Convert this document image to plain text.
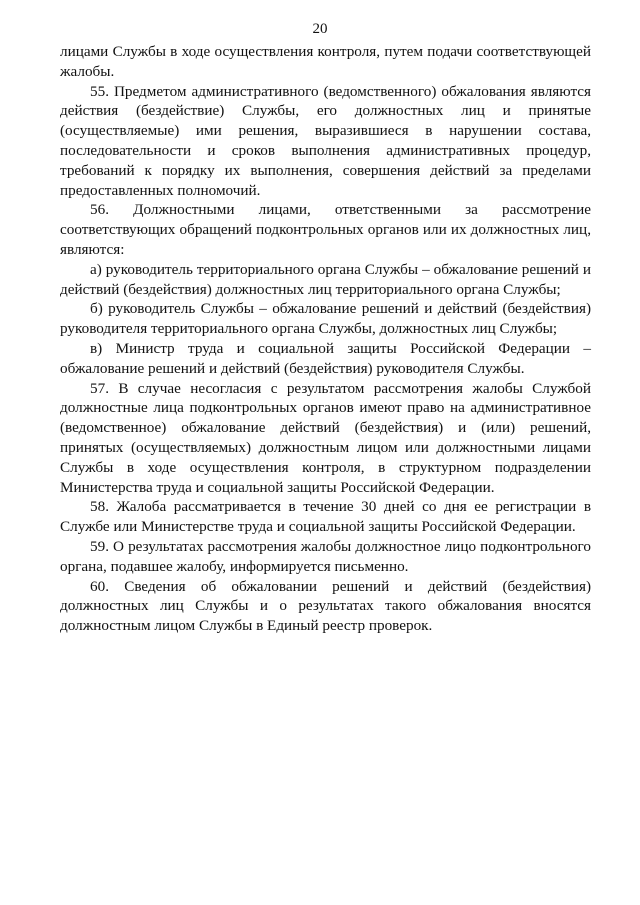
20

лицами Службы в ходе осуществления контроля, путем подачи соответствующей жалобы.

55. Предметом административного (ведомственного) обжалования являются действия (бездействие) Службы, его должностных лиц и принятые (осуществляемые) ими решения, выразившиеся в нарушении состава, последовательности и сроков выполнения административных процедур, требований к порядку их выполнения, совершения действий за пределами предоставленных полномочий.

56. Должностными лицами, ответственными за рассмотрение соответствующих обращений подконтрольных органов или их должностных лиц, являются:

а) руководитель территориального органа Службы – обжалование решений и действий (бездействия) должностных лиц территориального органа Службы;

б) руководитель Службы – обжалование решений и действий (бездействия) руководителя территориального органа Службы, должностных лиц Службы;

в) Министр труда и социальной защиты Российской Федерации – обжалование решений и действий (бездействия) руководителя Службы.

57. В случае несогласия с результатом рассмотрения жалобы Службой должностные лица подконтрольных органов имеют право на административное (ведомственное) обжалование действий (бездействия) и (или) решений, принятых (осуществляемых) должностным лицом или должностными лицами Службы в ходе осуществления контроля, в структурном подразделении Министерства труда и социальной защиты Российской Федерации.

58. Жалоба рассматривается в течение 30 дней со дня ее регистрации в Службе или Министерстве труда и социальной защиты Российской Федерации.

59. О результатах рассмотрения жалобы должностное лицо подконтрольного органа, подавшее жалобу, информируется письменно.

60. Сведения об обжаловании решений и действий (бездействия) должностных лиц Службы и о результатах такого обжалования вносятся должностным лицом Службы в Единый реестр проверок.
